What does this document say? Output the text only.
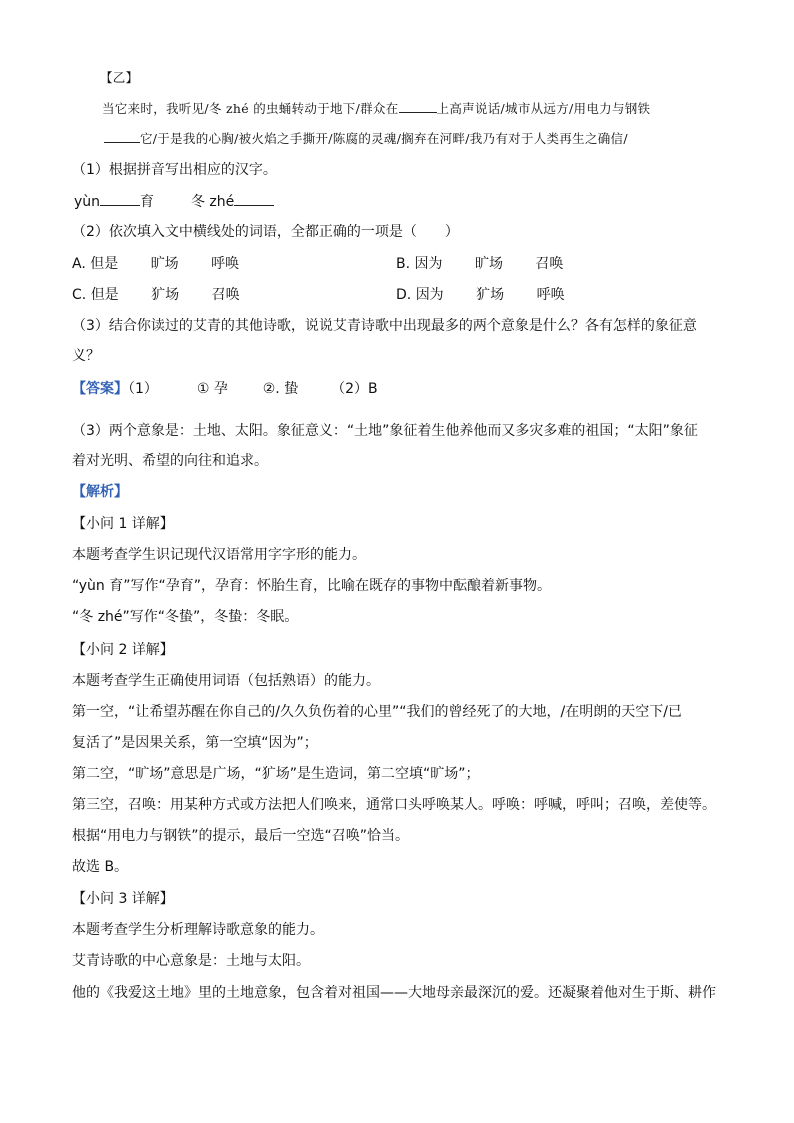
【乙】
当它来时，我听见/冬 zhé 的虫蛹转动于地下/群众在	上高声说话/城市从远方/用电力与钢铁
它/于是我的心胸/被火焰之手撕开/陈腐的灵魂/搁弃在河畔/我乃有对于人类再生之确信/
（1）根据拼音写出相应的汉字。
yùn	育	冬 zhé
（2）依次填入文中横线处的词语，全都正确的一项是（　　）
A. 但是 旷场 呼唤	B. 因为 旷场 召唤
C. 但是 犷场 召唤	D. 因为 犷场 呼唤
（3）结合你读过的艾青的其他诗歌，说说艾青诗歌中出现最多的两个意象是什么？各有怎样的象征意
义？
【答案】（1）	① 孕 ②. 蛰 （2）B
（3）两个意象是：土地、太阳。象征意义：“土地”象征着生他养他而又多灾多难的祖国；“太阳”象征
着对光明、希望的向往和追求。
【解析】
【小问 1 详解】
本题考查学生识记现代汉语常用字字形的能力。
“yùn 育”写作“孕育”，孕育：怀胎生育，比喻在既存的事物中酝酿着新事物。
“冬 zhé”写作“冬蛰”，冬蛰：冬眠。
【小问 2 详解】
本题考查学生正确使用词语（包括熟语）的能力。
第一空，“让希望苏醒在你自己的/久久负伤着的心里”“我们的曾经死了的大地，/在明朗的天空下/已
复活了”是因果关系，第一空填“因为”；
第二空，“旷场”意思是广场，“犷场”是生造词，第二空填“旷场”；
第三空，召唤：用某种方式或方法把人们唤来，通常口头呼唤某人。呼唤：呼喊，呼叫；召唤，差使等。
根据“用电力与钢铁”的提示，最后一空选“召唤”恰当。
故选 B。
【小问 3 详解】
本题考查学生分析理解诗歌意象的能力。
艾青诗歌的中心意象是：土地与太阳。
他的《我爱这土地》里的土地意象，包含着对祖国——大地母亲最深沉的爱。还凝聚着他对生于斯、耕作
